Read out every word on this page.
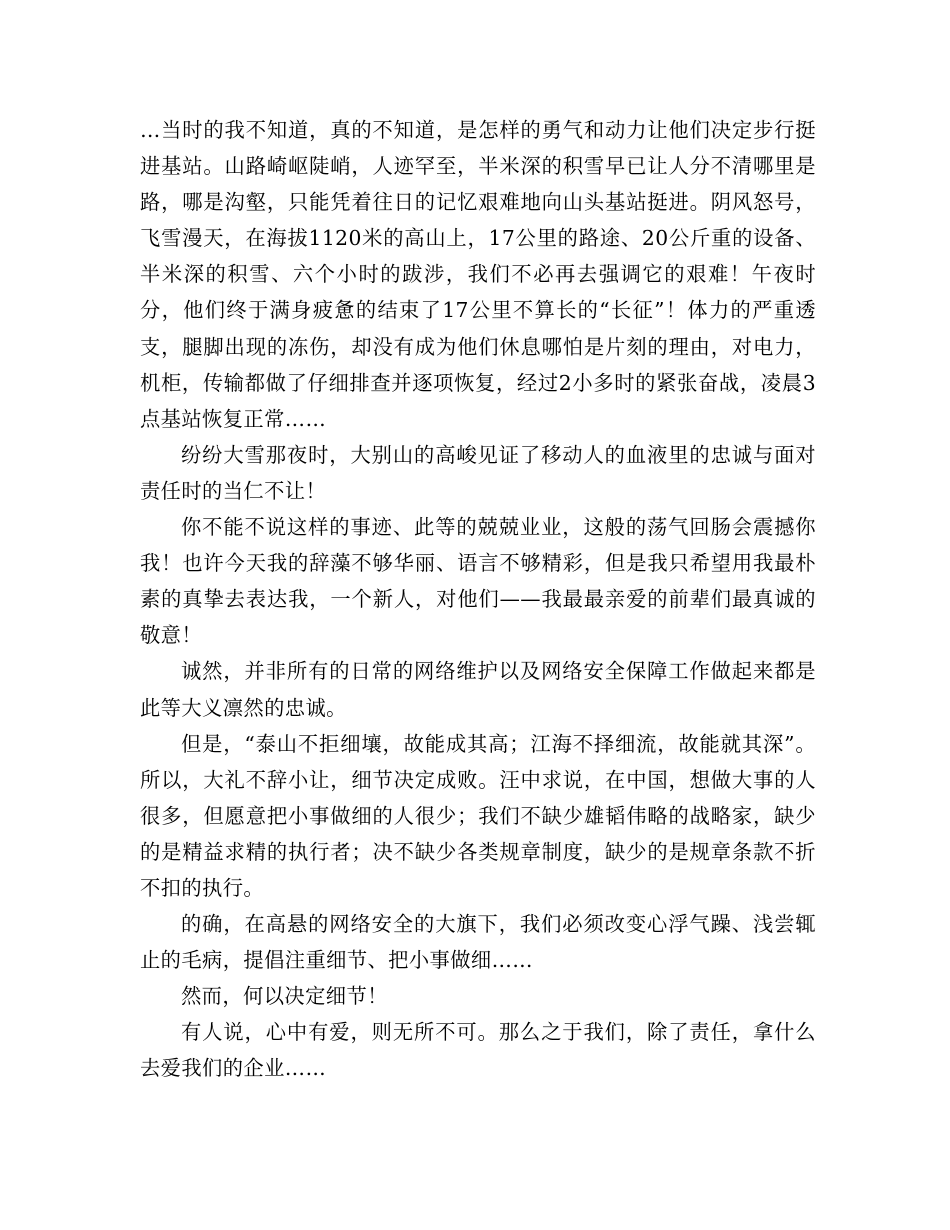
…当时的我不知道，真的不知道，是怎样的勇气和动力让他们决定步行挺进基站。山路崎岖陡峭，人迹罕至，半米深的积雪早已让人分不清哪里是路，哪是沟壑，只能凭着往日的记忆艰难地向山头基站挺进。阴风怒号，飞雪漫天，在海拔1120米的高山上，17公里的路途、20公斤重的设备、半米深的积雪、六个小时的跋涉，我们不必再去强调它的艰难！午夜时分，他们终于满身疲惫的结束了17公里不算长的“长征”！体力的严重透支，腿脚出现的冻伤，却没有成为他们休息哪怕是片刻的理由，对电力，机柜，传输都做了仔细排查并逐项恢复，经过2小多时的紧张奋战，凌晨3点基站恢复正常……

纷纷大雪那夜时，大别山的高峻见证了移动人的血液里的忠诚与面对责任时的当仁不让！

你不能不说这样的事迹、此等的兢兢业业，这般的荡气回肠会震撼你我！也许今天我的辞藻不够华丽、语言不够精彩，但是我只希望用我最朴素的真挚去表达我，一个新人，对他们——我最最亲爱的前辈们最真诚的敬意！

诚然，并非所有的日常的网络维护以及网络安全保障工作做起来都是此等大义凛然的忠诚。

但是，“泰山不拒细壤，故能成其高；江海不择细流，故能就其深”。所以，大礼不辞小让，细节决定成败。汪中求说，在中国，想做大事的人很多，但愿意把小事做细的人很少；我们不缺少雄韬伟略的战略家，缺少的是精益求精的执行者；决不缺少各类规章制度，缺少的是规章条款不折不扣的执行。

的确，在高悬的网络安全的大旗下，我们必须改变心浮气躁、浅尝辄止的毛病，提倡注重细节、把小事做细……

然而，何以决定细节！

有人说，心中有爱，则无所不可。那么之于我们，除了责任，拿什么去爱我们的企业……
